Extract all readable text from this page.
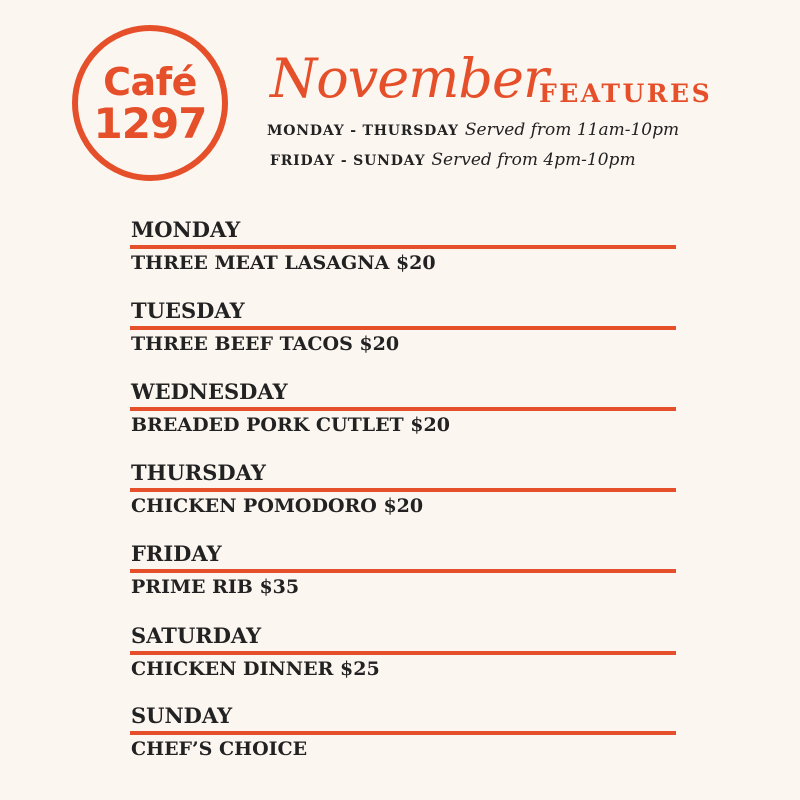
Café
1297
November
FEATURES
MONDAY - THURSDAY Served from 11am-10pm
FRIDAY - SUNDAY Served from 4pm-10pm
MONDAY
THREE MEAT LASAGNA $20
TUESDAY
THREE BEEF TACOS $20
WEDNESDAY
BREADED PORK CUTLET $20
THURSDAY
CHICKEN POMODORO $20
FRIDAY
PRIME RIB $35
SATURDAY
CHICKEN DINNER $25
SUNDAY
CHEF’S CHOICE
